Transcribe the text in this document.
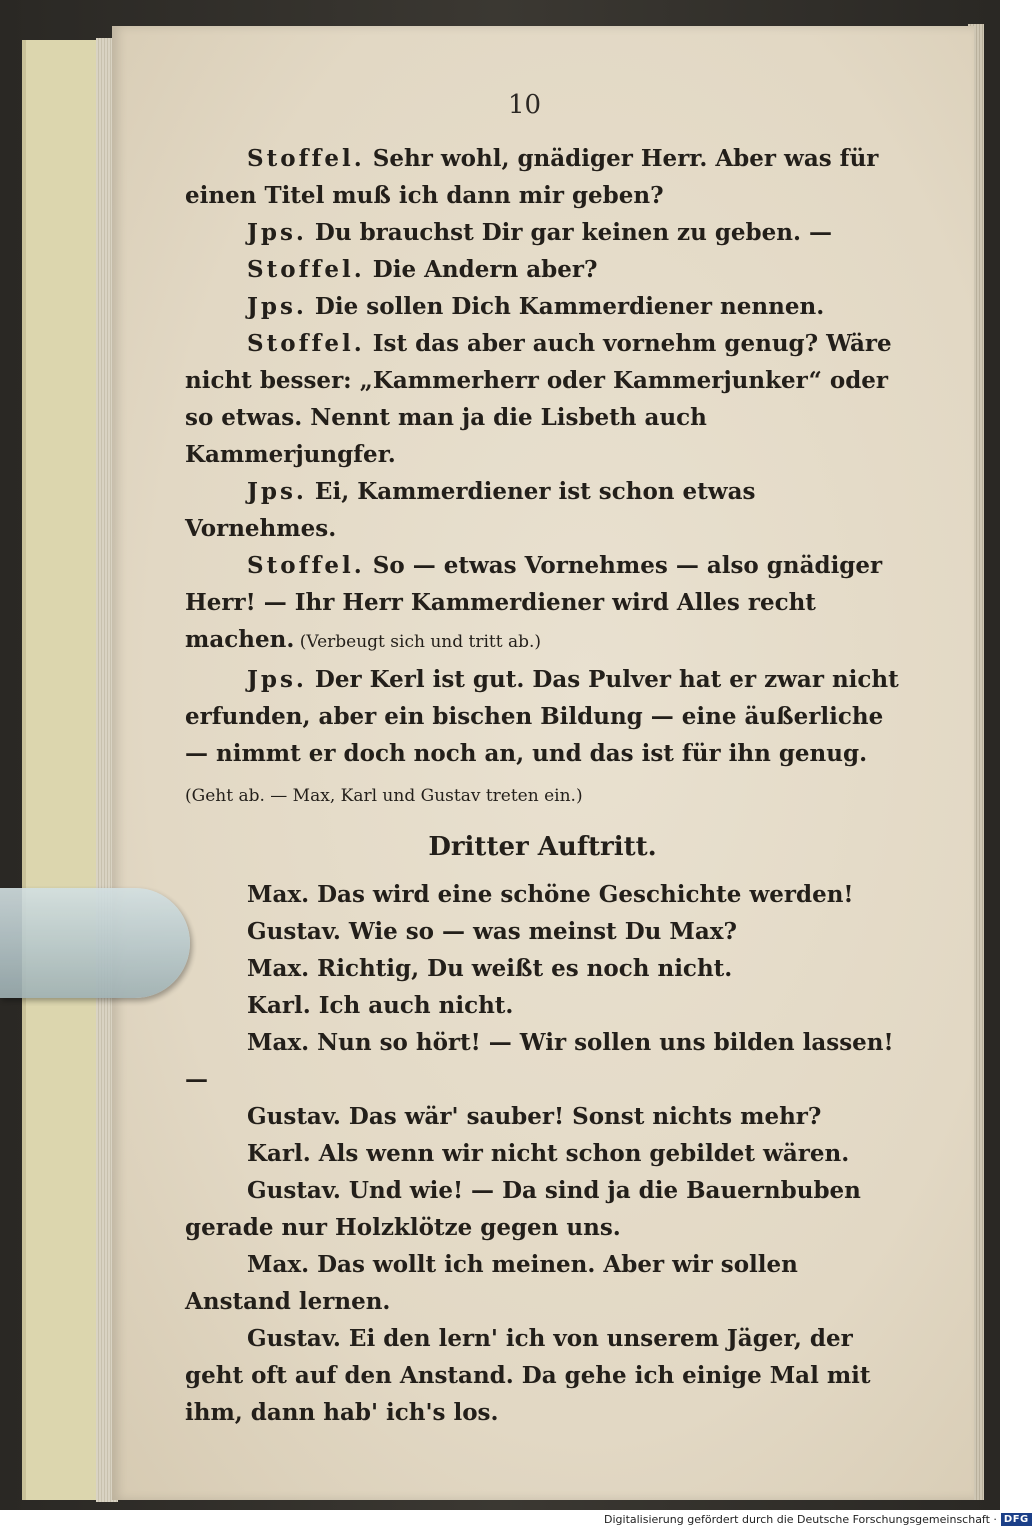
10

Stoffel. Sehr wohl, gnädiger Herr. Aber was für einen Titel muß ich dann mir geben?

Jps. Du brauchst Dir gar keinen zu geben. —

Stoffel. Die Andern aber?

Jps. Die sollen Dich Kammerdiener nennen.

Stoffel. Ist das aber auch vornehm genug? Wäre nicht besser: „Kammerherr oder Kammerjunker“ oder so etwas. Nennt man ja die Lisbeth auch Kammerjungfer.

Jps. Ei, Kammerdiener ist schon etwas Vornehmes.

Stoffel. So — etwas Vornehmes — also gnädiger Herr! — Ihr Herr Kammerdiener wird Alles recht machen. (Verbeugt sich und tritt ab.)

Jps. Der Kerl ist gut. Das Pulver hat er zwar nicht erfunden, aber ein bischen Bildung — eine äußerliche — nimmt er doch noch an, und das ist für ihn genug. (Geht ab. — Max, Karl und Gustav treten ein.)

Dritter Auftritt.

Max. Das wird eine schöne Geschichte werden!

Gustav. Wie so — was meinst Du Max?

Max. Richtig, Du weißt es noch nicht.

Karl. Ich auch nicht.

Max. Nun so hört! — Wir sollen uns bilden lassen! —

Gustav. Das wär' sauber! Sonst nichts mehr?

Karl. Als wenn wir nicht schon gebildet wären.

Gustav. Und wie! — Da sind ja die Bauernbuben gerade nur Holzklötze gegen uns.

Max. Das wollt ich meinen. Aber wir sollen Anstand lernen.

Gustav. Ei den lern' ich von unserem Jäger, der geht oft auf den Anstand. Da gehe ich einige Mal mit ihm, dann hab' ich's los.

Digitalisierung gefördert durch die Deutsche Forschungsgemeinschaft · DFG
